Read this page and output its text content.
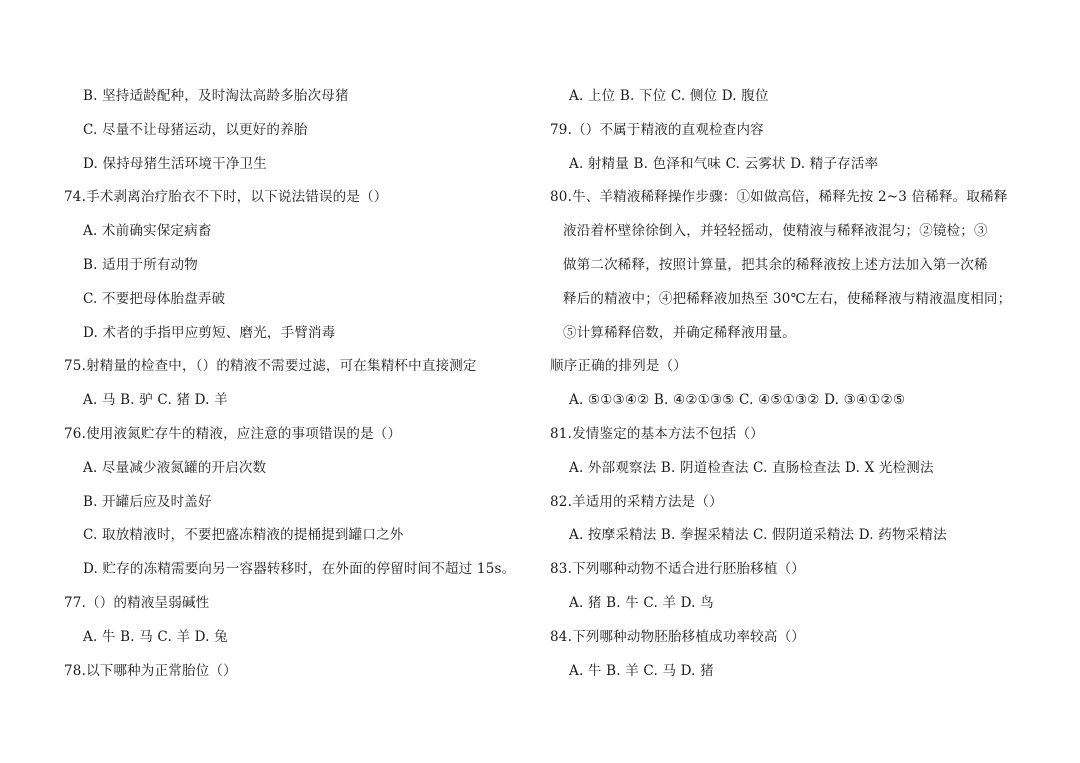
B. 坚持适龄配种，及时淘汰高龄多胎次母猪
C. 尽量不让母猪运动，以更好的养胎
D. 保持母猪生活环境干净卫生
74.手术剥离治疗胎衣不下时，以下说法错误的是（）
A. 术前确实保定病畜
B. 适用于所有动物
C. 不要把母体胎盘弄破
D. 术者的手指甲应剪短、磨光，手臂消毒
75.射精量的检查中，（）的精液不需要过滤，可在集精杯中直接测定
A. 马 B. 驴 C. 猪 D. 羊
76.使用液氮贮存牛的精液，应注意的事项错误的是（）
A. 尽量减少液氮罐的开启次数
B. 开罐后应及时盖好
C. 取放精液时，不要把盛冻精液的提桶提到罐口之外
D. 贮存的冻精需要向另一容器转移时，在外面的停留时间不超过 15s。
77.（）的精液呈弱碱性
A. 牛 B. 马 C. 羊 D. 兔
78.以下哪种为正常胎位（）
A. 上位 B. 下位 C. 侧位 D. 腹位
79.（）不属于精液的直观检查内容
A. 射精量 B. 色泽和气味 C. 云雾状 D. 精子存活率
80.牛、羊精液稀释操作步骤：①如做高倍，稀释先按 2~3 倍稀释。取稀释
液沿着杯壁徐徐倒入，并轻轻摇动，使精液与稀释液混匀；②镜检；③
做第二次稀释，按照计算量，把其余的稀释液按上述方法加入第一次稀
释后的精液中；④把稀释液加热至 30℃左右，使稀释液与精液温度相同；
⑤计算稀释倍数，并确定稀释液用量。
顺序正确的排列是（）
A. ⑤①③④② B. ④②①③⑤ C. ④⑤①③② D. ③④①②⑤
81.发情鉴定的基本方法不包括（）
A. 外部观察法 B. 阴道检查法 C. 直肠检查法 D. X 光检测法
82.羊适用的采精方法是（）
A. 按摩采精法 B. 拳握采精法 C. 假阴道采精法 D. 药物采精法
83.下列哪种动物不适合进行胚胎移植（）
A. 猪 B. 牛 C. 羊 D. 鸟
84.下列哪种动物胚胎移植成功率较高（）
A. 牛 B. 羊 C. 马 D. 猪
